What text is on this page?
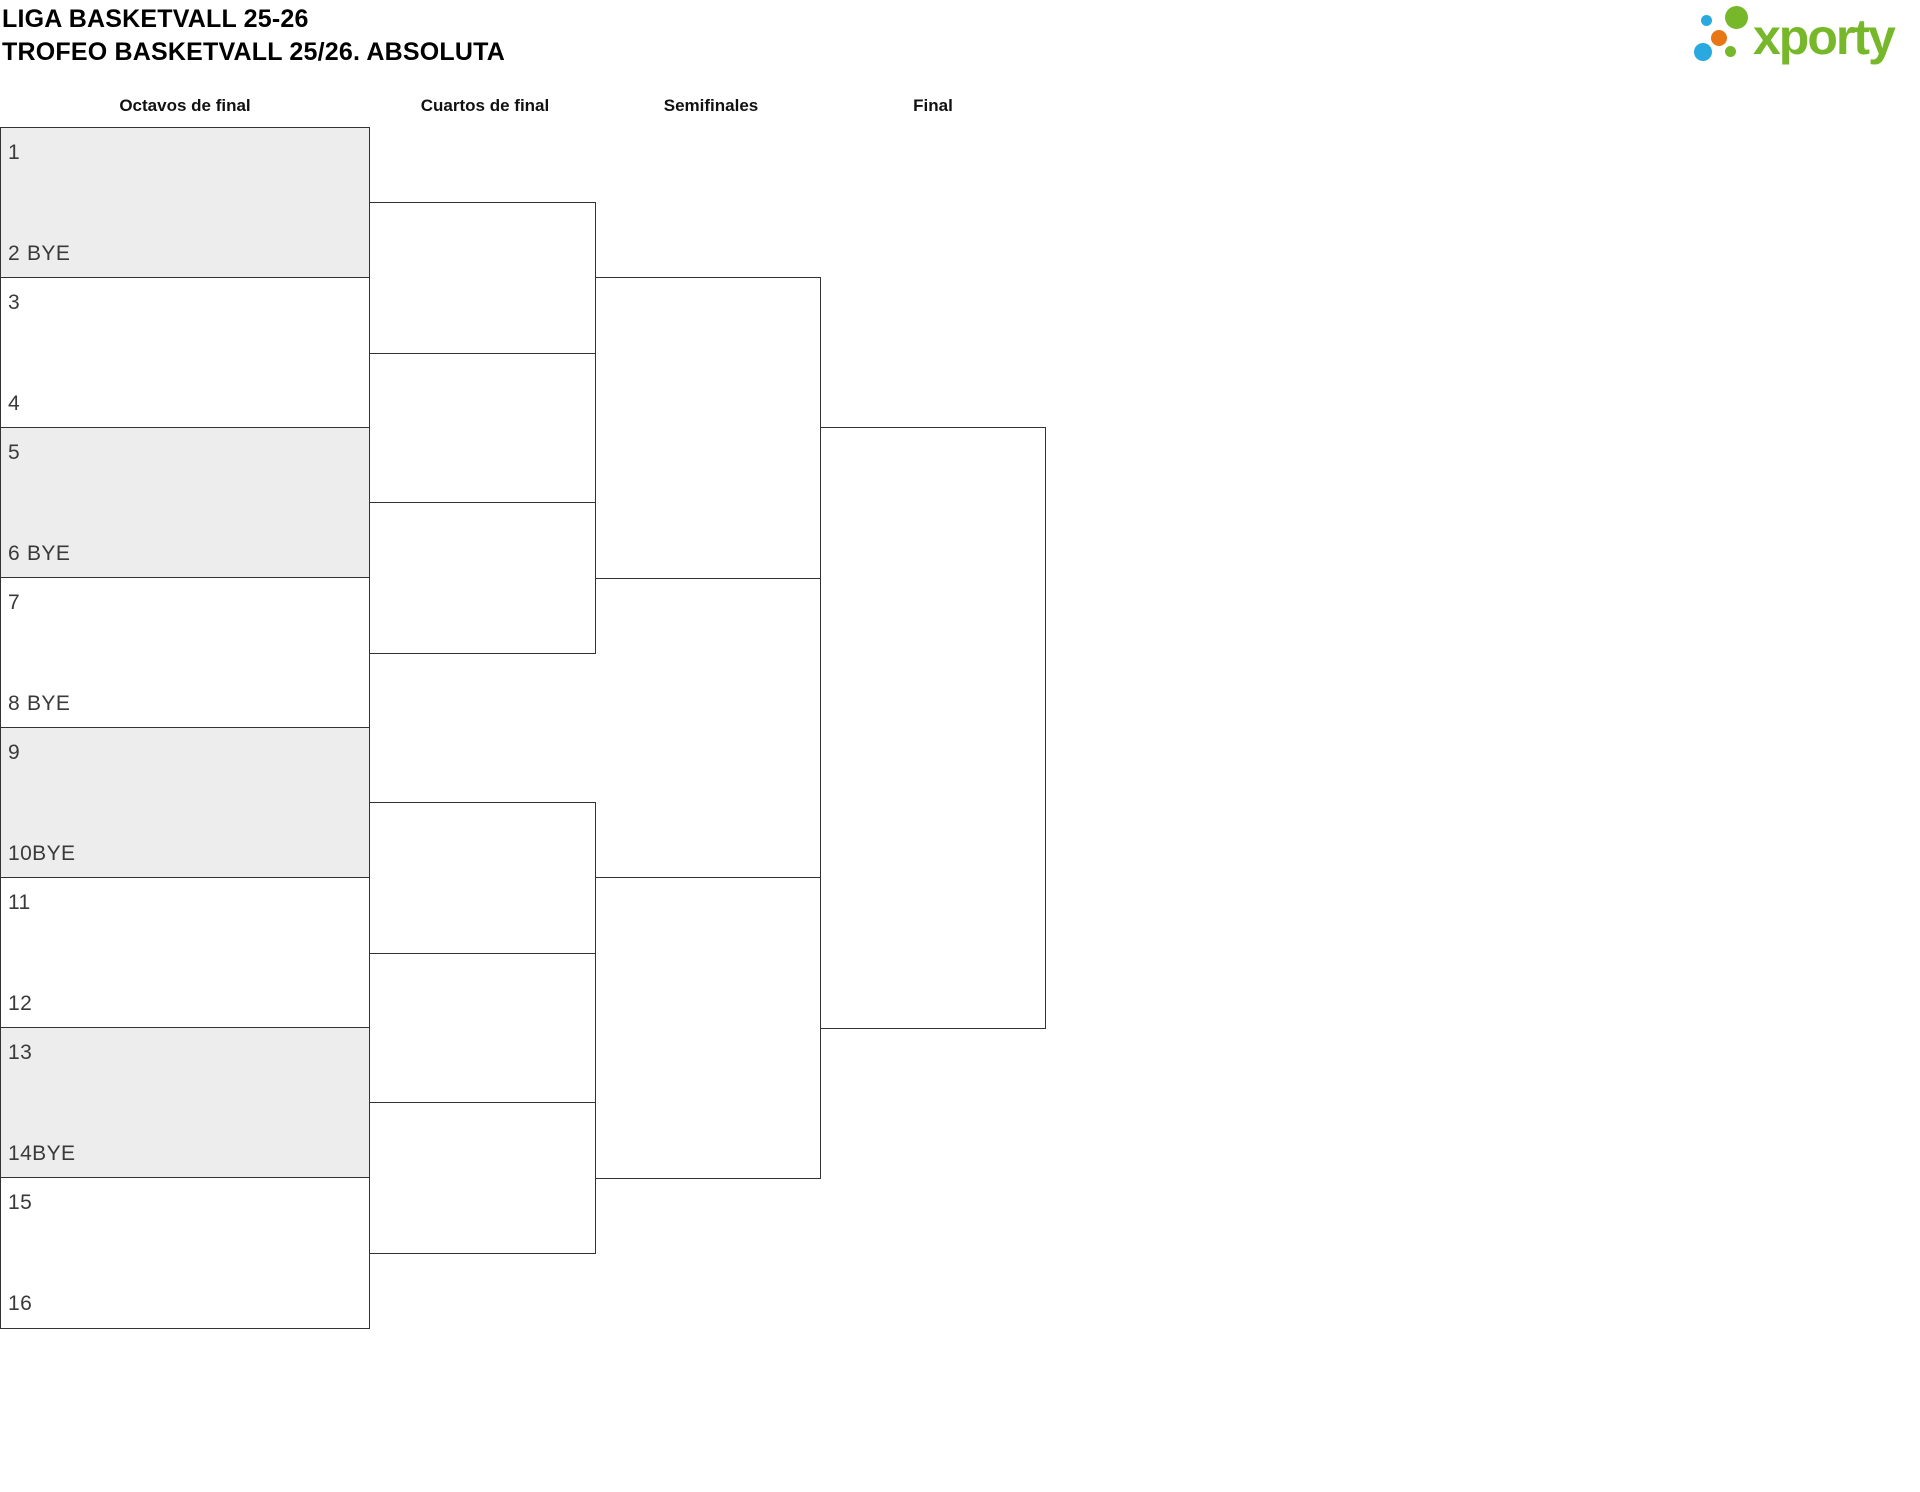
LIGA BASKETVALL 25-26
TROFEO BASKETVALL 25/26. ABSOLUTA	xporty
Octavos de final	Cuartos de final	Semifinales	Final
1
2 BYE
3
4
5
6 BYE
7
8 BYE
9
10 BYE
11
12
13
14 BYE
15
16
